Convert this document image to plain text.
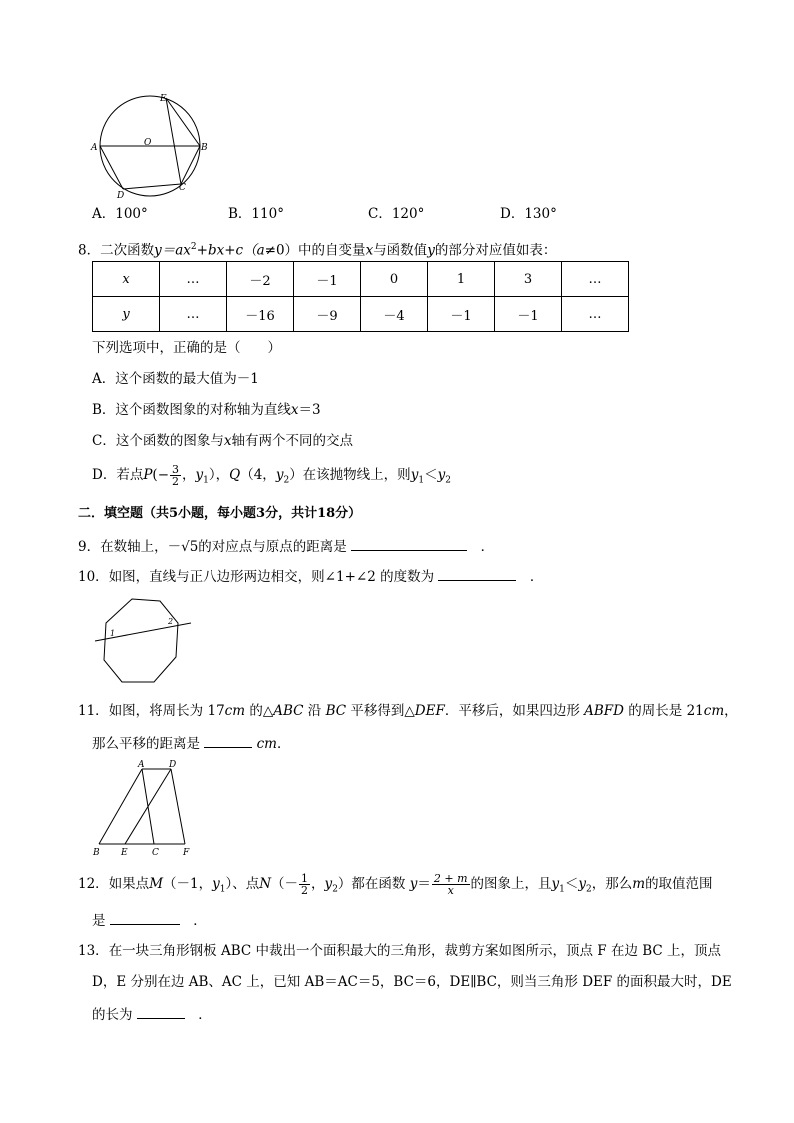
A	B
C
D
E
O
A．100°	B．110°	C．120°	D．130°
8．二次函数$y=ax^2+bx+c(a\ne 0)$中的自变量x与函数值y的部分对应值如表：
x	…	－2	－1	0	1	3	…
y	…	－16	－9	－4	－1	－1	…
下列选项中，正确的是（　　）
A．这个函数的最大值为－1
B．这个函数图象的对称轴为直线x＝3
C．这个函数的图象与x轴有两个不同的交点
D．若点$P(- \frac{3}{2}$ ，$y_1$），Q（4，$y_2$）在该抛物线上，则$y_1<y_2$
二．填空题（共5小题，每小题3分，共计18分）
9．在数轴上，－√5的对应点与原点的距离是 　	．
10．如图，直线与正八边形两边相交，则∠1+∠2 的度数为 　	．
1
2
11．如图，将周长为 17cm 的△ABC 沿 BC 平移得到△DEF．平移后，如果四边形 ABFD 的周长是 21cm，
那么平移的距离是	cm．
A	D
B E	C	F
12．如果点M（－1，$y_1$）、点$N(- \frac{1}{2}$ ，$y_2$）都在函数 $y= \frac{2 + m}{x}$ 的图象上，且$y_1<y_2$，那么m的取值范围
是 　	．
13．在一块三角形钢板 ABC 中裁出一个面积最大的三角形，裁剪方案如图所示，顶点 F 在边 BC 上，顶点
D，E 分别在边 AB、AC 上，已知 AB＝AC＝5，BC＝6，DE∥BC，则当三角形 DEF 的面积最大时，DE
的长为 　	．
